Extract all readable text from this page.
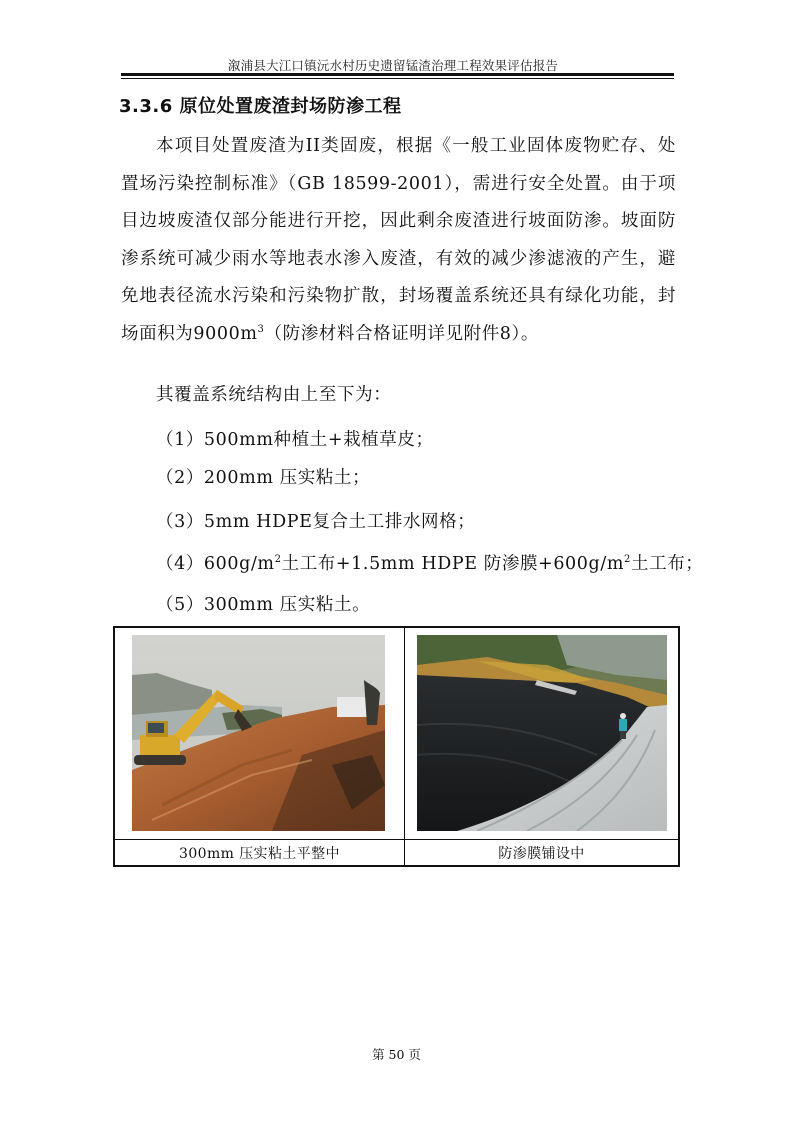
溆浦县大江口镇沅水村历史遗留锰渣治理工程效果评估报告
3.3.6 原位处置废渣封场防渗工程
本项目处置废渣为II类固废，根据《一般工业固体废物贮存、处置场污染控制标准》（GB 18599-2001），需进行安全处置。由于项目边坡废渣仅部分能进行开挖，因此剩余废渣进行坡面防渗。坡面防渗系统可减少雨水等地表水渗入废渣，有效的减少渗滤液的产生，避免地表径流水污染和污染物扩散，封场覆盖系统还具有绿化功能，封场面积为$9000m^3$（防渗材料合格证明详见附件8）。
其覆盖系统结构由上至下为：
（1）500mm种植土+栽植草皮；
（2）200mm 压实粘土；
（3）5mm HDPE复合土工排水网格；
$(4)600g/m^2$土工布+1.5mm HDPE 防渗膜$+600g/m^2$土工布；
（5）300mm 压实粘土。
300mm 压实粘土平整中	防渗膜铺设中
第 50 页
